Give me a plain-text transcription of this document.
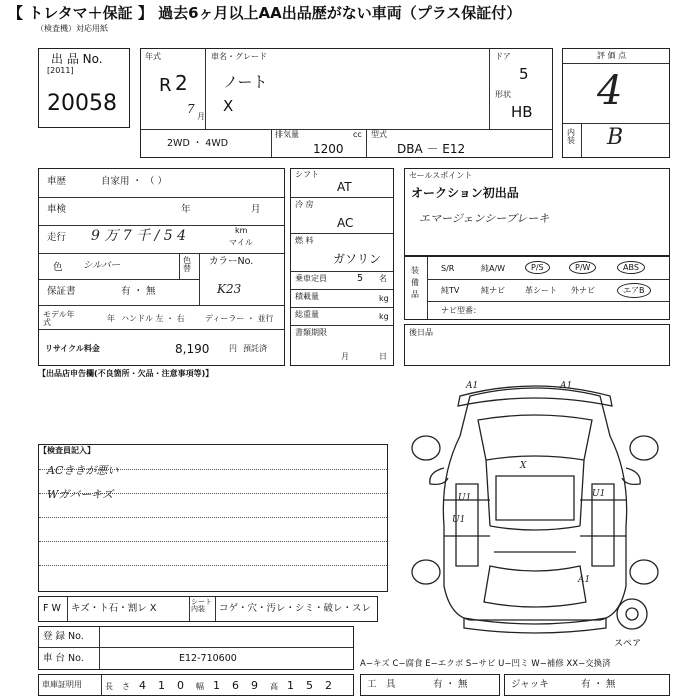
【 トレタマ＋保証 】 過去6ヶ月以上AA出品歴がない車両（プラス保証付）
（検査機）対応用紙
出 品 No.
[2011]
20058
年式
R 2
7
月
車名・グレード
ノート
X
ドア
5
形状
HB
2WD ・ 4WD
排気量	cc
1200
型式
DBA － E12
評 価 点
4
内装 B
車歴	自家用 ・ （ ）
車検	年	月
走行 9 万 7 千 / 5 4	km
マイル
色 シルバー	色替
カラーNo.
K23
保証書	有 ・ 無
モデル年式	年 ハンドル 左 ・ 右	ディーラー ・ 並行
リサイクル料金	8,190 円 預託済
シフト
AT
冷 房
AC
燃 料
ガソリン
乗車定員	5 名
積載量	kg
総重量	kg
書類期限
月	日
セールスポイント
オークション初出品
エマージェンシーブレーキ
装備品
S/R	純A/W	P/S	P/W	ABS
純TV	純ナビ	革シート 外ナビ	エアB
ナビ型番：
後日品
【出品店申告欄(不良箇所・欠品・注意事項等)】
【検査員記入】
ACききが悪い
Wガバーキズ
A1	A1
X
U1	U1
U1
A1
スペア
F W キズ・ト石・割レ X
シート内装	コゲ・穴・汚レ・シミ・破レ・スレ
登 録 No.
車 台 No.	E12-710600	A−キズ C−腐食 E−エクボ S−サビ U−凹ミ W−補修 XX−交換済
車庫証明用	長 さ 4 1 0 幅 1 6 9 高 1 5 2	工　具	有 ・ 無	ジャッキ	有 ・ 無
